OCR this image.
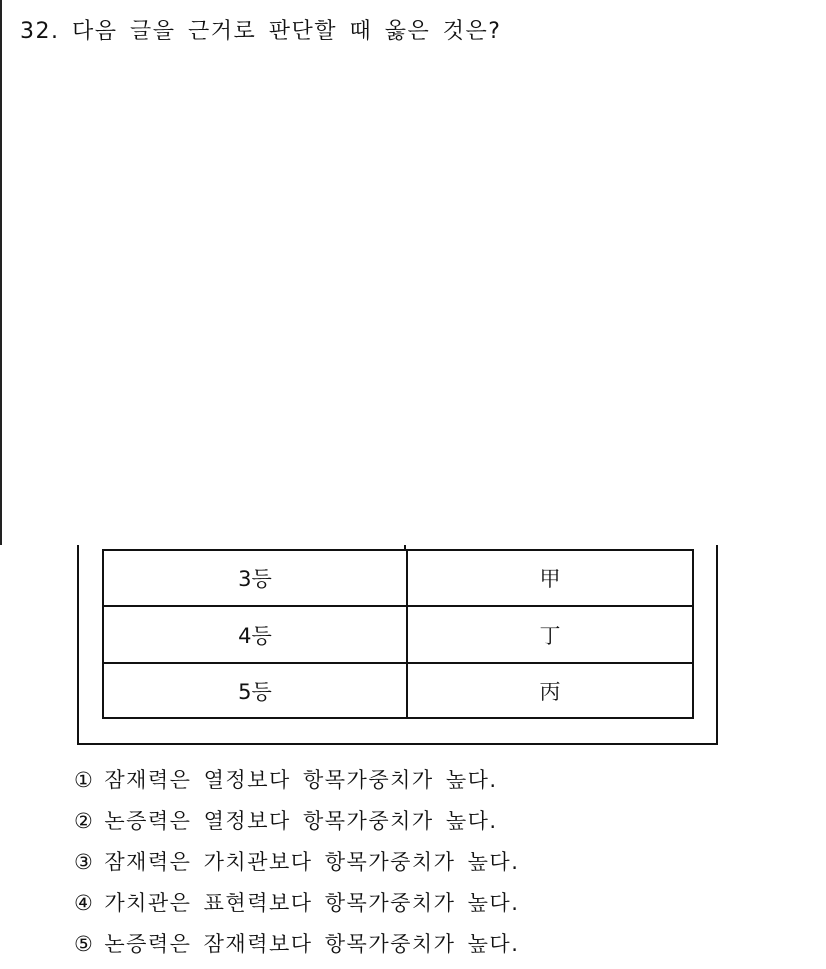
32. 다음 글을 근거로 판단할 때 옳은 것은?
3등	甲
4등	丁
5등	丙
① 잠재력은 열정보다 항목가중치가 높다.
② 논증력은 열정보다 항목가중치가 높다.
③ 잠재력은 가치관보다 항목가중치가 높다.
④ 가치관은 표현력보다 항목가중치가 높다.
⑤ 논증력은 잠재력보다 항목가중치가 높다.
